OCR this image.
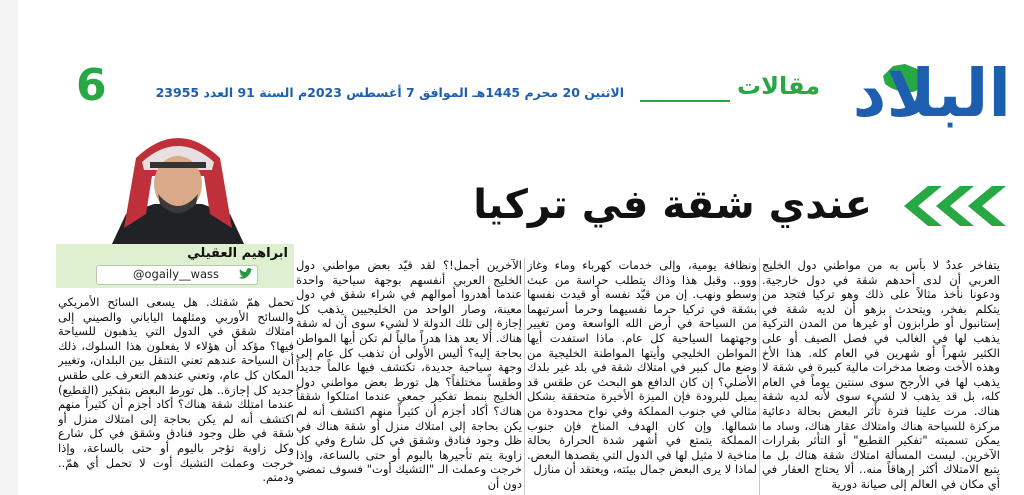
البلاد
مقالات
الاثنين 20 محرم 1445هـ الموافق 7 أغسطس 2023م السنة 91 العدد 23955
6
عندي شقة في تركيا
ابراهيم العقيلي
@ogaily__wass

يتفاخر عددٌ لا بأس به من مواطني دول الخليج العربي أن لدى أحدهم شقة في دول خارجية. ودعونا نأخذ مثالاً على ذلك وهو تركيا فتجد من يتكلم بفخر، ويتحدث بزهو أن لديه شقة في إستانبول أو طرابزون أو غيرها من المدن التركية يذهب لها في الغالب في فصل الصيف أو على الكثير شهراً أو شهرين في العام كله. هذا الأخ وهذه الأخت وضعا مدخرات مالية كبيرة في شقة لا يذهب لها في الأرجح سوى سنتين يوماً في العام كله، بل قد يذهب لا لشيء سوى لأنه لديه شقة هناك. مرت علينا فترة تأثر البعض بحالة دعائية مركزة للسياحة هناك وامتلاك عقار هناك، وساد ما يمكن تسميته "تفكير القطيع" أو التأثر بقرارات الآخرين. ليست المسألة امتلاك شقة هناك بل ما يتبع الامتلاك أكثر إرهاقاً منه.. ألا يحتاج العقار في أي مكان في العالم إلى صيانة دورية

ونظافة يومية، وإلى خدمات كهرباء وماء وغاز ووو.. وقبل هذا وذاك يتطلب حراسة من عبث وسطو ونهب. إن من قيّد نفسه أو قيدت نفسها بشقة في تركيا حرما نفسيهما وحرما أسرتيهما من السياحة في أرض الله الواسعة ومن تغيير وجهتهما السياحية كل عام. ماذا استفدت أيها المواطن الخليجي وأيتها المواطنة الخليجية من وضع مال كبير في امتلاك شقة في بلد غير بلدك الأصلي؟ إن كان الدافع هو البحث عن طقس قد يميل للبرودة فإن الميزة الأخيرة متحققة بشكل مثالي في جنوب المملكة وفي نواح محدودة من شمالها. وإن كان الهدف المناخ فإن جنوب المملكة يتمتع في أشهر شدة الحرارة بحالة مناخية لا مثيل لها في الدول التي يقصدها البعض. لماذا لا يرى البعض جمال بيئته، ويعتقد أن منازل

الآخرين أجمل!؟ لقد قيّد بعض مواطني دول الخليج العربي أنفسهم بوجهة سياحية واحدة عندما أهدروا أموالهم في شراء شقق في دول معينة، وصار الواحد من الخليجيين يذهب كل إجازة إلى تلك الدولة لا لشيء سوى أن له شقة هناك. ألا يعد هذا هدراً مالياً لم تكن أيها المواطن بحاجة إليه؟ أليس الأولى أن تذهب كل عام إلى وجهة سياحية جديدة، تكتشف فيها عالماً جديداً وطقساً مختلفاً؟ هل تورط بعض مواطني دول الخليج بنمط تفكير جمعي عندما امتلكوا شققاً هناك؟ أكاد أجزم أن كثيراً منهم اكتشف أنه لم يكن بحاجة إلى امتلاك منزل أو شقة هناك في ظل وجود فنادق وشقق في كل شارع وفي كل زاوية يتم تأجيرها باليوم أو حتى بالساعة، وإذا خرجت وعملت الـ "التشيك أوت" فسوف تمضي دون أن

تحمل همّ شقتك. هل يسعى السائح الأمريكي والسائح الأوربي ومثلهما الياباني والصيني إلى امتلاك شقق في الدول التي يذهبون للسياحة فيها؟ مؤكد أن هؤلاء لا يفعلون هذا السلوك، ذلك أن السياحة عندهم تعني التنقل بين البلدان، وتغيير المكان كل عام، وتعني عندهم التعرف على طقس جديد كل إجازة.. هل تورط البعض بتفكير (القطيع) عندما امتلك شقة هناك؟ أكاد أجزم أن كثيراً منهم اكتشف أنه لم يكن بحاجة إلى امتلاك منزل أو شقة في ظل وجود فنادق وشقق في كل شارع وكل زاوية تؤجر باليوم أو حتى بالساعة، وإذا خرجت وعملت التشيك أوت لا تحمل أي همّ.. ودمتم.
